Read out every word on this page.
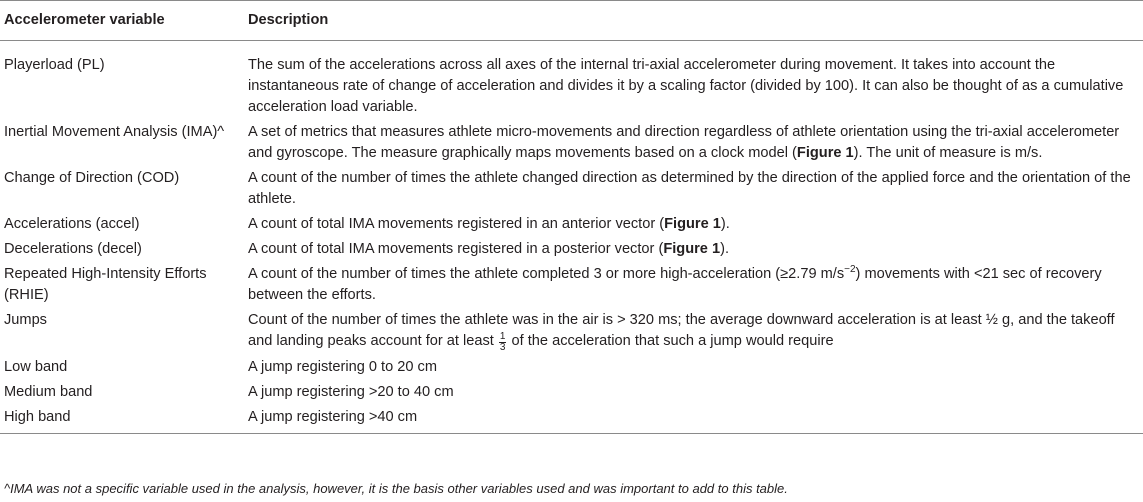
Accelerometer variable	Description
Playerload (PL)	The sum of the accelerations across all axes of the internal tri-axial accelerometer during movement. It takes into account the instantaneous rate of change of acceleration and divides it by a scaling factor (divided by 100). It can also be thought of as a cumulative acceleration load variable.
Inertial Movement Analysis (IMA)^	A set of metrics that measures athlete micro-movements and direction regardless of athlete orientation using the tri-axial accelerometer and gyroscope. The measure graphically maps movements based on a clock model (Figure 1). The unit of measure is m/s.
Change of Direction (COD)	A count of the number of times the athlete changed direction as determined by the direction of the applied force and the orientation of the athlete.
Accelerations (accel)	A count of total IMA movements registered in an anterior vector (Figure 1).
Decelerations (decel)	A count of total IMA movements registered in a posterior vector (Figure 1).
Repeated High-Intensity Efforts (RHIE)	A count of the number of times the athlete completed 3 or more high-acceleration (≥2.79 $m/s^{-2}$) movements with <21 sec of recovery between the efforts.
Jumps	Count of the number of times the athlete was in the air is > 320 ms; the average downward acceleration is at least ½ g, and the takeoff and landing peaks account for at least $\frac{1}{3}$ of the acceleration that such a jump would require
Low band	A jump registering 0 to 20 cm
Medium band	A jump registering >20 to 40 cm
High band	A jump registering >40 cm
^IMA was not a specific variable used in the analysis, however, it is the basis other variables used and was important to add to this table.
